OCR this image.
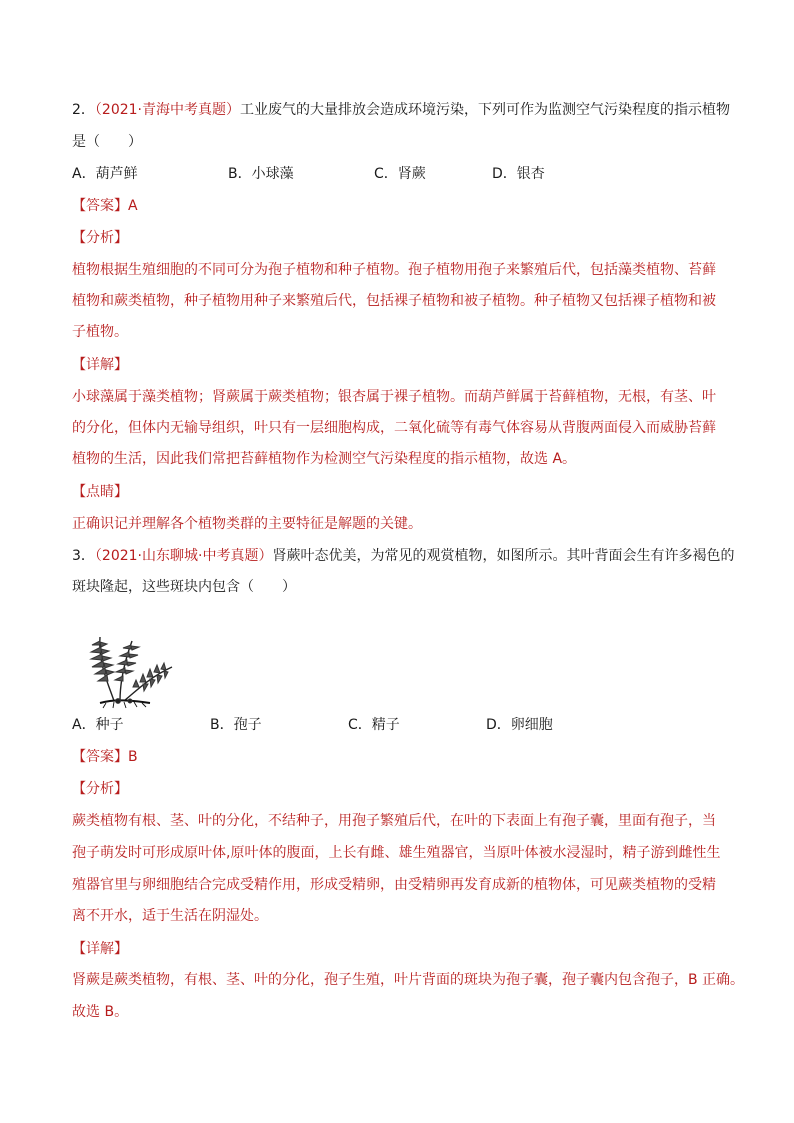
2．（2021·青海中考真题）工业废气的大量排放会造成环境污染，下列可作为监测空气污染程度的指示植物
是（　　）
A．葫芦鲜	B．小球藻	C．肾蕨	D．银杏
【答案】A
【分析】
植物根据生殖细胞的不同可分为孢子植物和种子植物。孢子植物用孢子来繁殖后代，包括藻类植物、苔藓
植物和蕨类植物，种子植物用种子来繁殖后代，包括裸子植物和被子植物。种子植物又包括裸子植物和被
子植物。
【详解】
小球藻属于藻类植物；肾蕨属于蕨类植物；银杏属于裸子植物。而葫芦鲜属于苔藓植物，无根，有茎、叶
的分化，但体内无输导组织，叶只有一层细胞构成，二氧化硫等有毒气体容易从背腹两面侵入而威胁苔藓
植物的生活，因此我们常把苔藓植物作为检测空气污染程度的指示植物，故选 A。
【点睛】
正确识记并理解各个植物类群的主要特征是解题的关键。
3．（2021·山东聊城·中考真题）肾蕨叶态优美，为常见的观赏植物，如图所示。其叶背面会生有许多褐色的
斑块隆起，这些斑块内包含（　　）
A．种子	B．孢子	C．精子	D．卵细胞
【答案】B
【分析】
蕨类植物有根、茎、叶的分化，不结种子，用孢子繁殖后代，在叶的下表面上有孢子囊，里面有孢子，当
孢子萌发时可形成原叶体,原叶体的腹面，上长有雌、雄生殖器官，当原叶体被水浸湿时，精子游到雌性生
殖器官里与卵细胞结合完成受精作用，形成受精卵，由受精卵再发育成新的植物体，可见蕨类植物的受精
离不开水，适于生活在阴湿处。
【详解】
肾蕨是蕨类植物，有根、茎、叶的分化，孢子生殖，叶片背面的斑块为孢子囊，孢子囊内包含孢子，B 正确。
故选 B。
